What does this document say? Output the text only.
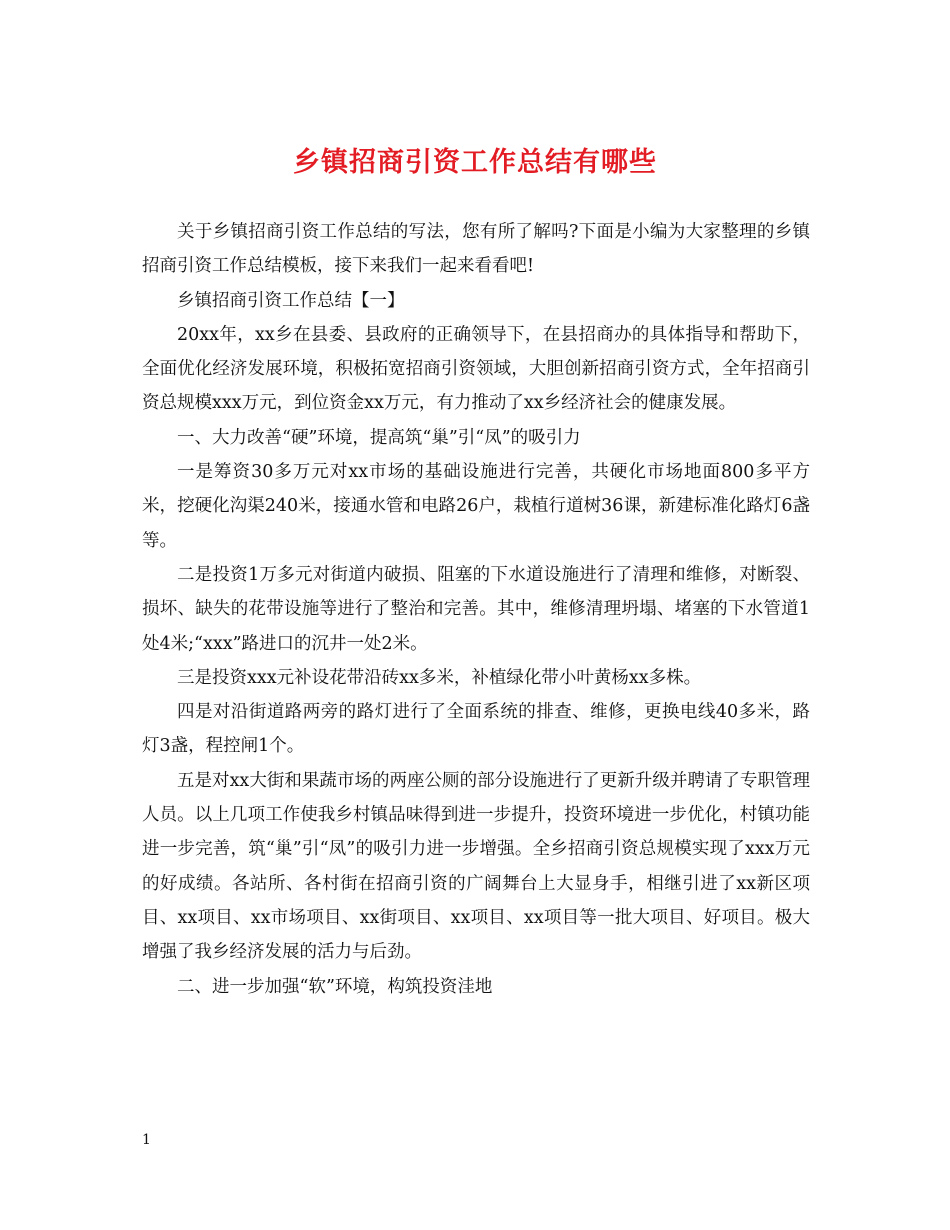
乡镇招商引资工作总结有哪些

关于乡镇招商引资工作总结的写法，您有所了解吗?下面是小编为大家整理的乡镇招商引资工作总结模板，接下来我们一起来看看吧!

乡镇招商引资工作总结【一】

20xx年，xx乡在县委、县政府的正确领导下，在县招商办的具体指导和帮助下，全面优化经济发展环境，积极拓宽招商引资领域，大胆创新招商引资方式，全年招商引资总规模xxx万元，到位资金xx万元，有力推动了xx乡经济社会的健康发展。

一、大力改善“硬”环境，提高筑“巢”引“凤”的吸引力

一是筹资30多万元对xx市场的基础设施进行完善，共硬化市场地面800多平方米，挖硬化沟渠240米，接通水管和电路26户，栽植行道树36课，新建标准化路灯6盏等。

二是投资1万多元对街道内破损、阻塞的下水道设施进行了清理和维修，对断裂、损坏、缺失的花带设施等进行了整治和完善。其中，维修清理坍塌、堵塞的下水管道1处4米;“xxx”路进口的沉井一处2米。

三是投资xxx元补设花带沿砖xx多米，补植绿化带小叶黄杨xx多株。

四是对沿街道路两旁的路灯进行了全面系统的排查、维修，更换电线40多米，路灯3盏，程控闸1个。

五是对xx大街和果蔬市场的两座公厕的部分设施进行了更新升级并聘请了专职管理人员。以上几项工作使我乡村镇品味得到进一步提升，投资环境进一步优化，村镇功能进一步完善，筑“巢”引“凤”的吸引力进一步增强。全乡招商引资总规模实现了xxx万元的好成绩。各站所、各村街在招商引资的广阔舞台上大显身手，相继引进了xx新区项目、xx项目、xx市场项目、xx街项目、xx项目、xx项目等一批大项目、好项目。极大增强了我乡经济发展的活力与后劲。

二、进一步加强“软”环境，构筑投资洼地

1
